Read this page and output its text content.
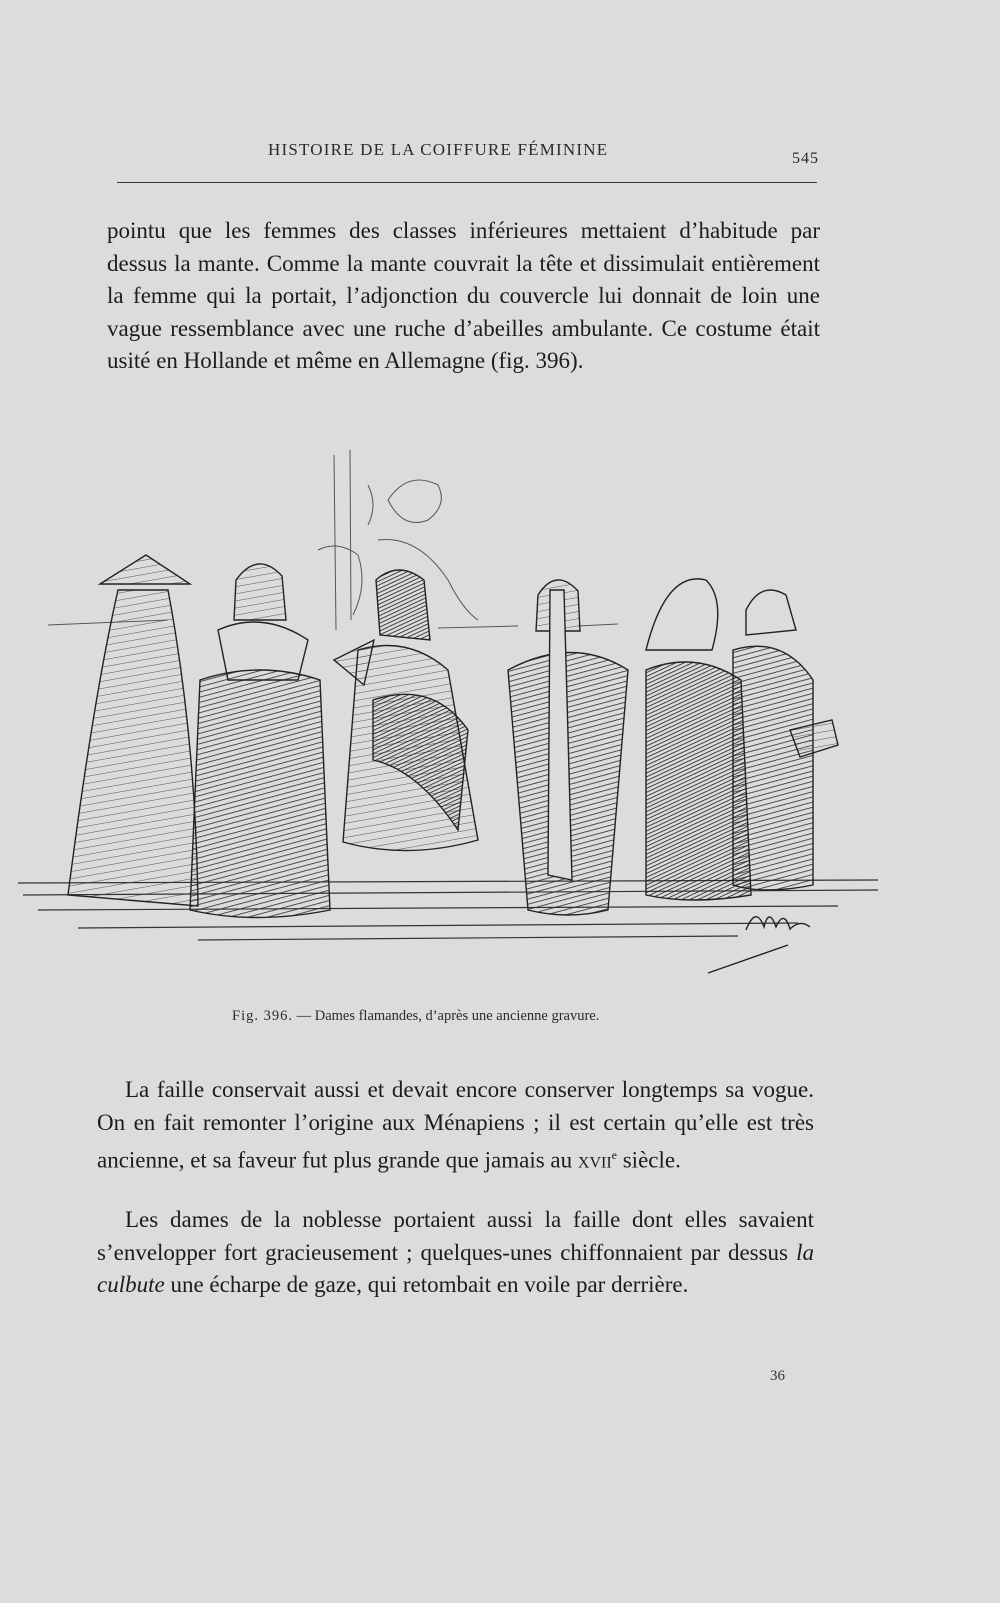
HISTOIRE DE LA COIFFURE FÉMININE	545

pointu que les femmes des classes inférieures mettaient d’habitude par dessus la mante. Comme la mante couvrait la tête et dissimulait entièrement la femme qui la portait, l’adjonction du couvercle lui donnait de loin une vague ressemblance avec une ruche d’abeilles ambulante. Ce costume était usité en Hollande et même en Allemagne (fig. 396).

Fig. 396. — Dames flamandes, d’après une ancienne gravure.

La faille conservait aussi et devait encore conserver longtemps sa vogue. On en fait remonter l’origine aux Ménapiens ; il est certain qu’elle est très ancienne, et sa faveur fut plus grande que jamais au xvii$^e$ siècle.

Les dames de la noblesse portaient aussi la faille dont elles savaient s’envelopper fort gracieusement ; quelques-unes chiffonnaient par dessus la culbute une écharpe de gaze, qui retombait en voile par derrière.

36
